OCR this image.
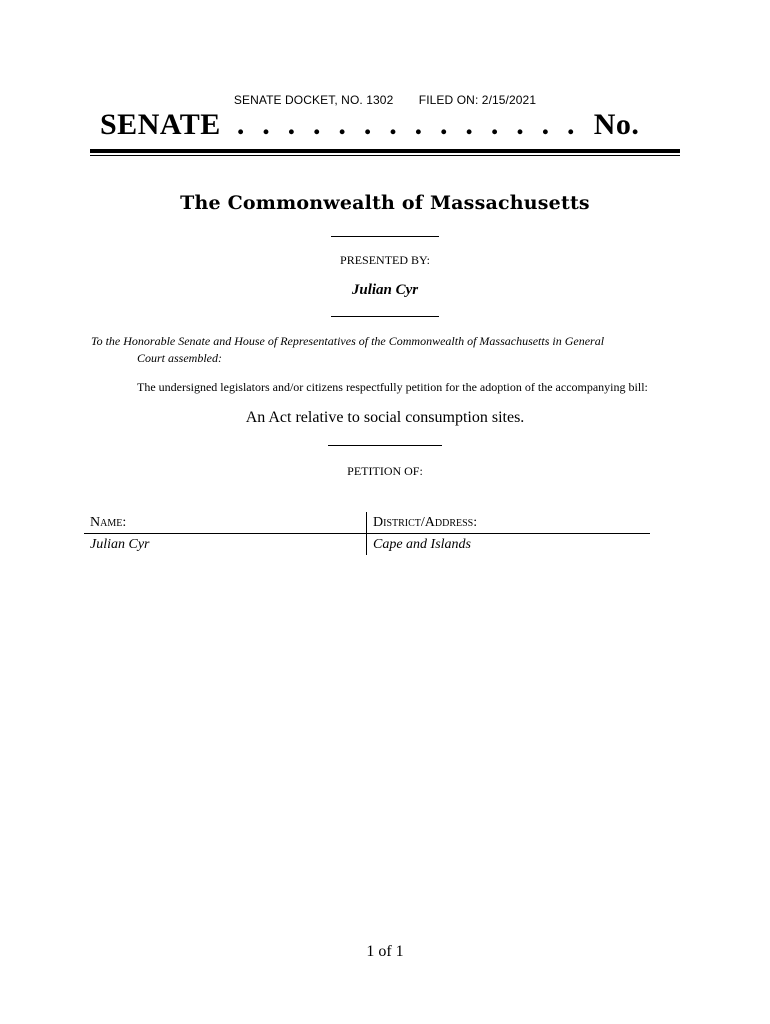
SENATE DOCKET, NO. 1302 FILED ON: 2/15/2021
SENATE . . . . . . . . . . . . . . No.
The Commonwealth of Massachusetts
PRESENTED BY:
Julian Cyr
To the Honorable Senate and House of Representatives of the Commonwealth of Massachusetts in General
Court assembled:
The undersigned legislators and/or citizens respectfully petition for the adoption of the accompanying bill:
An Act relative to social consumption sites.
PETITION OF:
Name:	District/Address:
Julian Cyr	Cape and Islands
1 of 1
